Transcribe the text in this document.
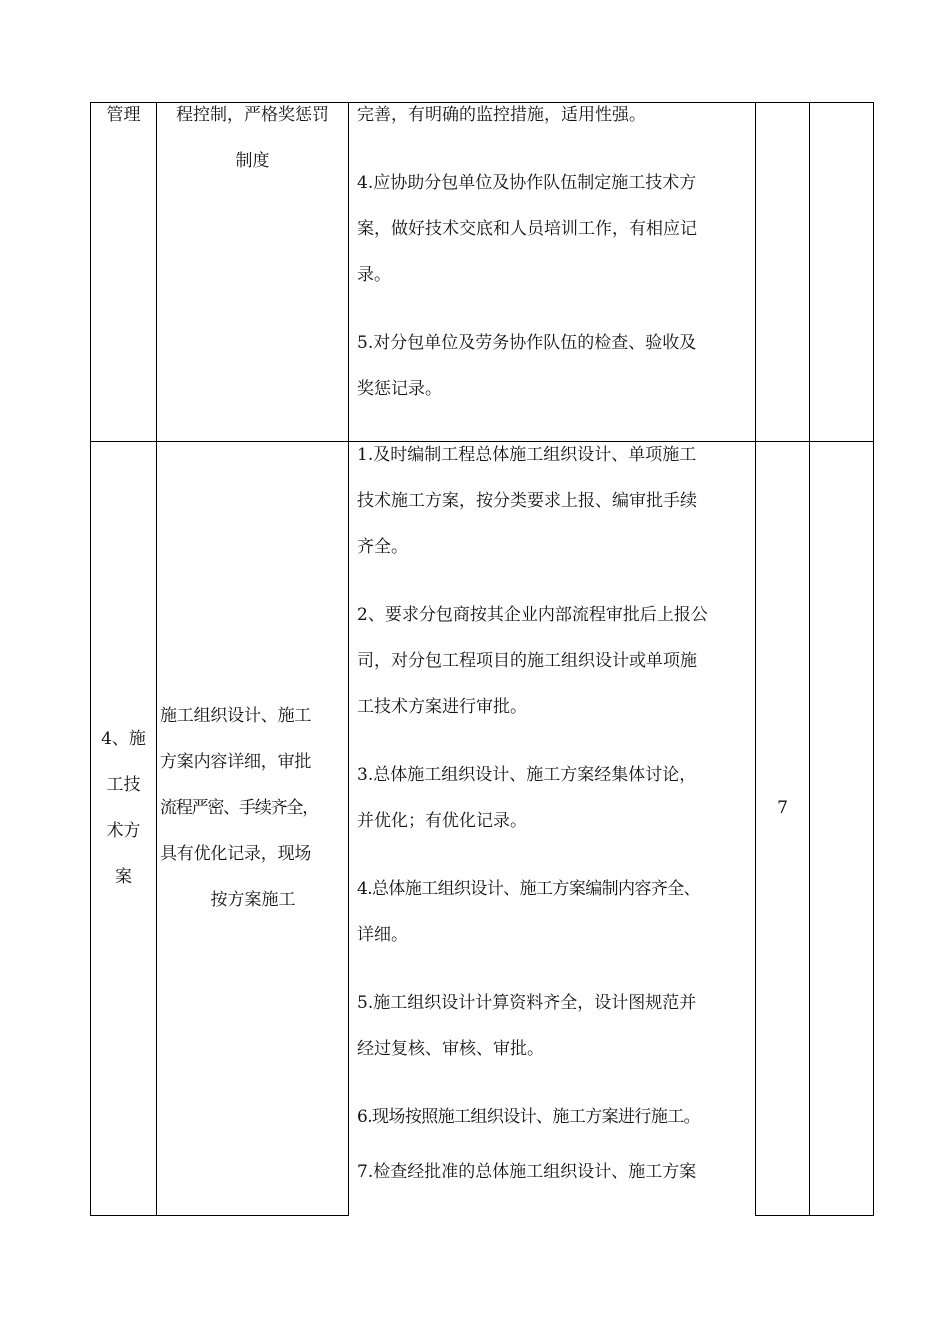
管理	程控制，严格奖惩罚
制度
完善，有明确的监控措施，适用性强。
4.应协助分包单位及协作队伍制定施工技术方
案，做好技术交底和人员培训工作，有相应记
录。
5.对分包单位及劳务协作队伍的检查、验收及
奖惩记录。
4、施
工技
术方
案
施工组织设计、施工
方案内容详细，审批
流程严密、手续齐全，
具有优化记录，现场
按方案施工
1.及时编制工程总体施工组织设计、单项施工
技术施工方案，按分类要求上报、编审批手续
齐全。
2、要求分包商按其企业内部流程审批后上报公
司，对分包工程项目的施工组织设计或单项施
工技术方案进行审批。
3.总体施工组织设计、施工方案经集体讨论，
并优化；有优化记录。
4.总体施工组织设计、施工方案编制内容齐全、
详细。
5.施工组织设计计算资料齐全，设计图规范并
经过复核、审核、审批。
6.现场按照施工组织设计、施工方案进行施工。
7.检查经批准的总体施工组织设计、施工方案
7
